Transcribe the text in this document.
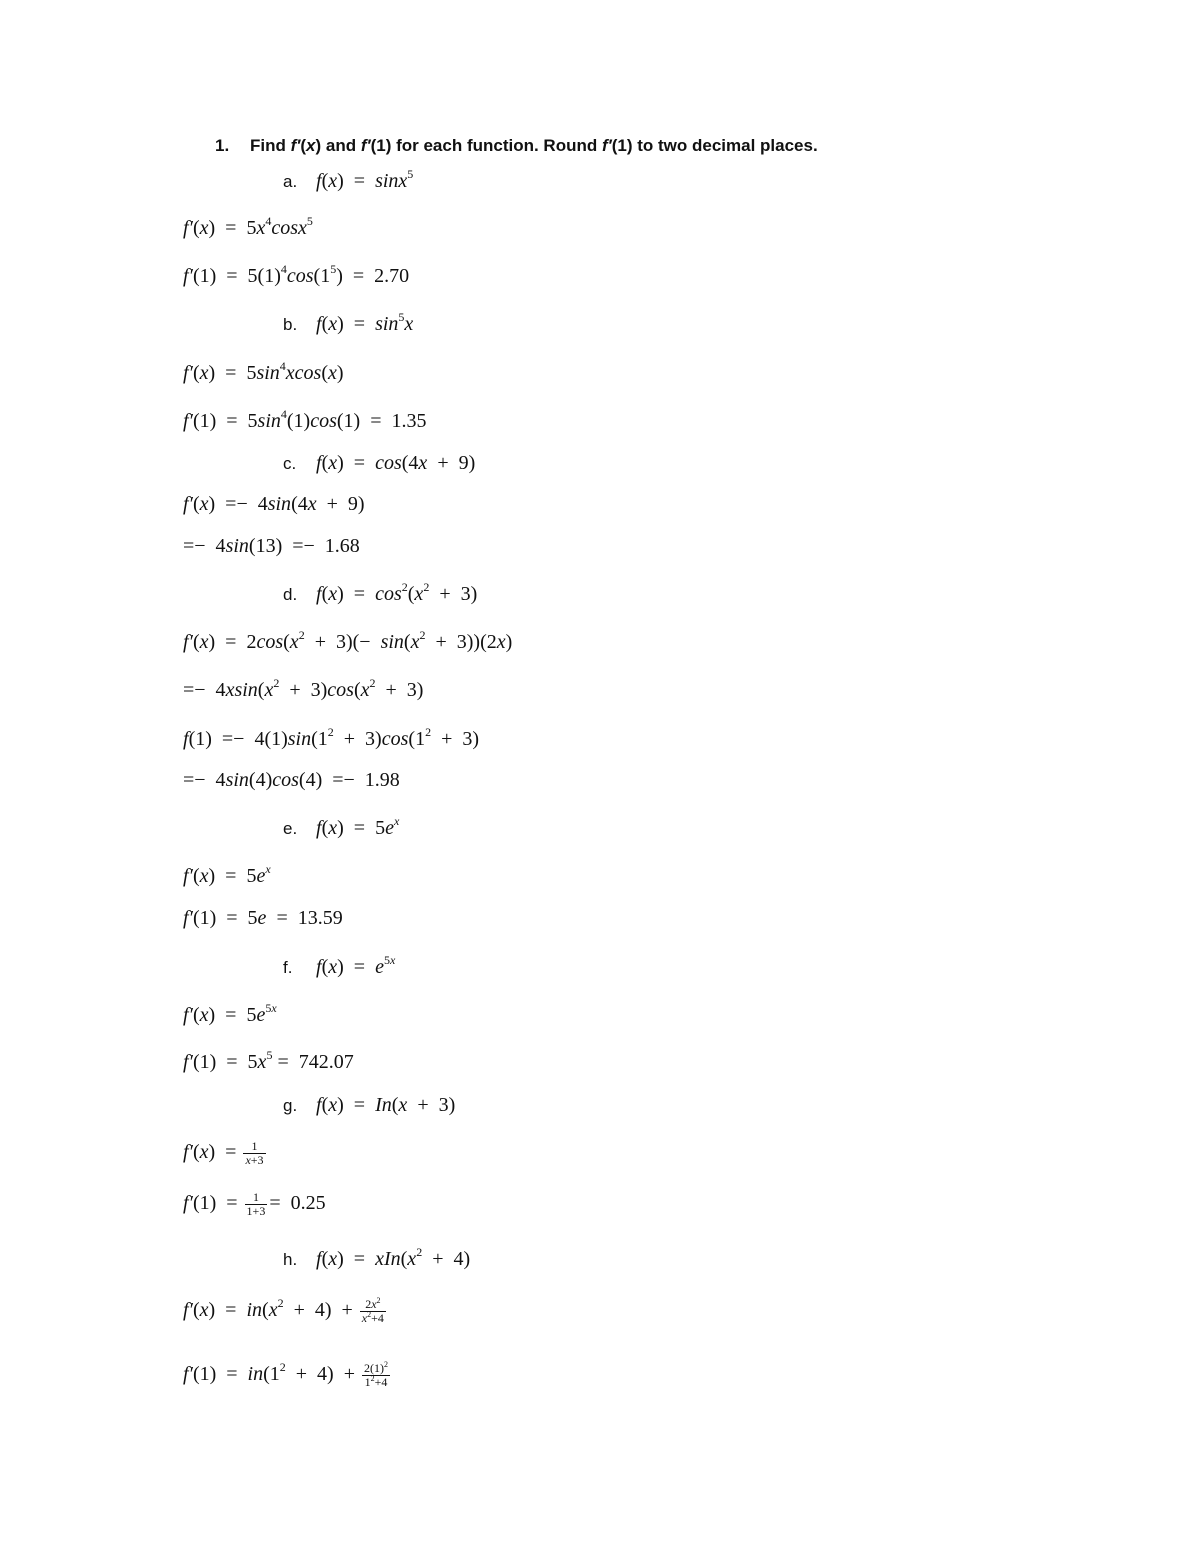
1. Find f′(x) and f′(1) for each function. Round f′(1) to two decimal places.
a. f(x)  =  sinx$^5$
$f'(x) = 5x^4\cos x^5$
$f'(1) = 5(1)^4\cos(1^5) = 2.70$
b. $f(x) = \sin^5x$
$f'(x) = 5\sin^4xcos(x)$
$f'(1) = 5\sin^4(1)\cos(1) = 1.35$
c. f(x)  =  cos(4x  +  9)
f′(x)  =−  4sin(4x  +  9)
=−  4sin(13)  =−  1.68
d. $f(x) = \cos^2(x^2 + 3)$
$f'(x) = 2\cos(x^2 + 3)(- \sin(x^2 + 3))(2x)$
=−  $4xsin(x^2 + 3)\cos(x^2 + 3)$
$f(1) =- 4(1)\sin(1^2 + 3)\cos(1^2 + 3)$
=−  4sin(4)cos(4)  =−  1.98
e. $f(x) = 5e^x$
$f'(x) = 5e^x$
f′(1)  =  5e  =  13.59
f. $f(x) = e^{5x}$
$f'(x) = 5e^{5x}$
$f'(1) = 5x^5 = 742.07$
g. f(x)  =  In(x  +  3)
$f'(x) = \frac{1}{x+3}$
$f'(1) = \frac{1}{1+3} = 0.25$
h. $f(x) = xIn(x^2 + 4)$
$f'(x) = in(x^2 + 4) + \frac{2x^2}{x^2+4}$
$f'(1) = in(1^2 + 4) + \frac{2(1)^2}{1^2+4}$
